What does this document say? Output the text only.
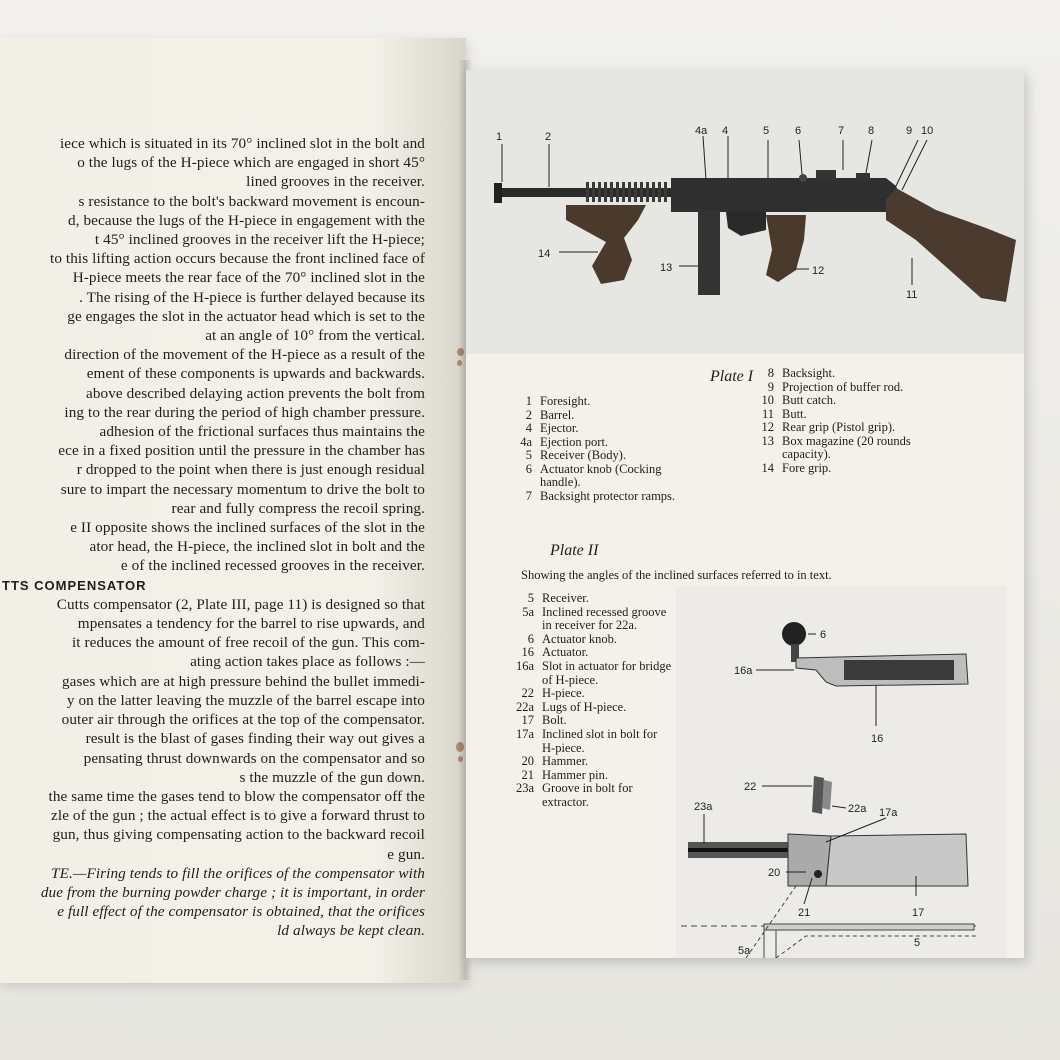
iece which is situated in its 70° inclined slot in the bolt and
o the lugs of the H-piece which are engaged in short 45°
lined grooves in the receiver.
s resistance to the bolt's backward movement is encoun-
d, because the lugs of the H-piece in engagement with the
t 45° inclined grooves in the receiver lift the H-piece;
to this lifting action occurs because the front inclined face of
H-piece meets the rear face of the 70° inclined slot in the
. The rising of the H-piece is further delayed because its
ge engages the slot in the actuator head which is set to the
at an angle of 10° from the vertical.
direction of the movement of the H-piece as a result of the
ement of these components is upwards and backwards.
above described delaying action prevents the bolt from
ing to the rear during the period of high chamber pressure.
adhesion of the frictional surfaces thus maintains the
ece in a fixed position until the pressure in the chamber has
r dropped to the point when there is just enough residual
sure to impart the necessary momentum to drive the bolt to
rear and fully compress the recoil spring.
e II opposite shows the inclined surfaces of the slot in the
ator head, the H-piece, the inclined slot in bolt and the
e of the inclined recessed grooves in the receiver.
TTS COMPENSATOR
Cutts compensator (2, Plate III, page 11) is designed so that
mpensates a tendency for the barrel to rise upwards, and
it reduces the amount of free recoil of the gun. This com-
ating action takes place as follows :—
gases which are at high pressure behind the bullet immedi-
y on the latter leaving the muzzle of the barrel escape into
outer air through the orifices at the top of the compensator.
result is the blast of gases finding their way out gives a
pensating thrust downwards on the compensator and so
s the muzzle of the gun down.
the same time the gases tend to blow the compensator off the
zle of the gun ; the actual effect is to give a forward thrust to
gun, thus giving compensating action to the backward recoil
e gun.
TE.—Firing tends to fill the orifices of the compensator with
due from the burning powder charge ; it is important, in order
e full effect of the compensator is obtained, that the orifices
ld always be kept clean.
1	2	4a 4	5 6	7 8	9 10
14
13	12
11
Plate I
1 Foresight.
2 Barrel.
4 Ejector.
4a Ejection port.
5 Receiver (Body).
6 Actuator knob (Cocking
handle).
7 Backsight protector ramps.
8 Backsight.
9 Projection of buffer rod.
10 Butt catch.
11 Butt.
12 Rear grip (Pistol grip).
13 Box magazine (20 rounds
capacity).
14 Fore grip.
Plate II
Showing the angles of the inclined surfaces referred to in text.
5 Receiver.
5a Inclined recessed groove in receiver for 22a.
6 Actuator knob.
16 Actuator.
16a Slot in actuator for bridge of H-piece.
22 H-piece.
22a Lugs of H-piece.
17 Bolt.
17a Inclined slot in bolt for H-piece.
20 Hammer.
21 Hammer pin.
23a Groove in bolt for extractor.
6
16a
16
22
22a
23a	17a
20
21	17
5
5a
